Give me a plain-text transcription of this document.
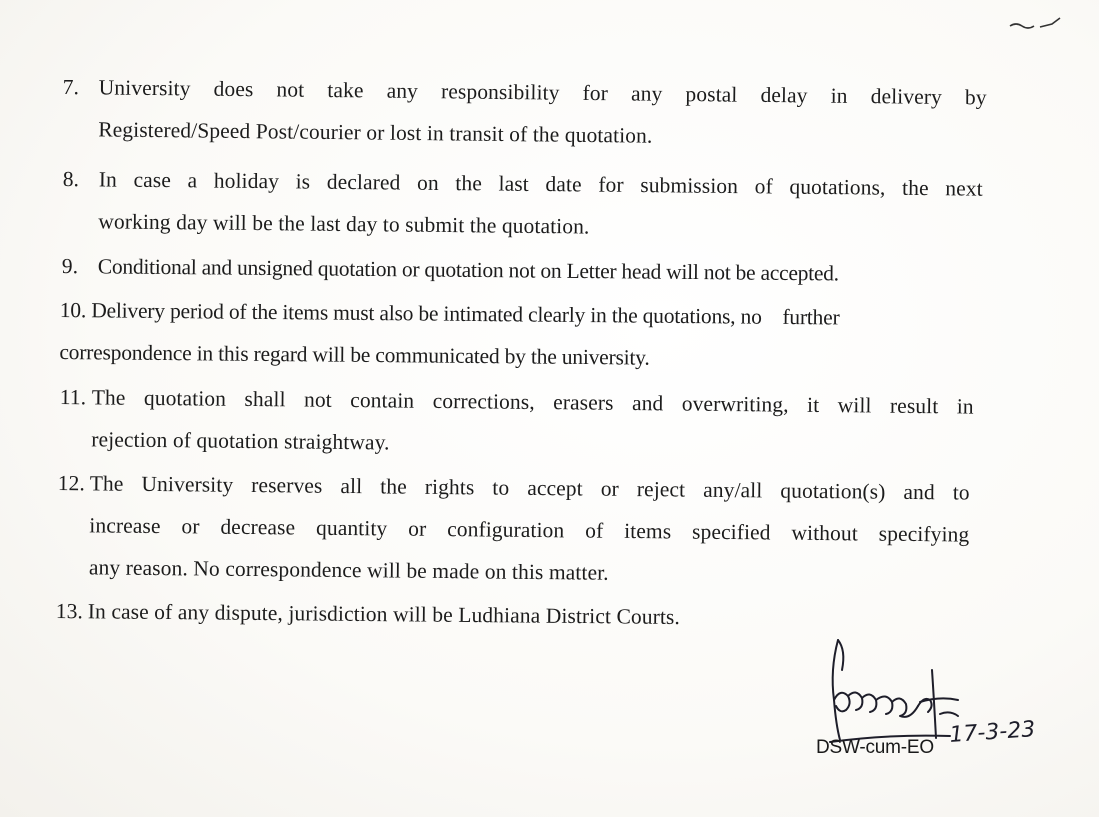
7. University does not take any responsibility for any postal delay in delivery by
Registered/Speed Post/courier or lost in transit of the quotation.
8. In case a holiday is declared on the last date for submission of quotations, the next
working day will be the last day to submit the quotation.
9. Conditional and unsigned quotation or quotation not on Letter head will not be accepted.
10. Delivery period of the items must also be intimated clearly in the quotations, no    further
correspondence in this regard will be communicated by the university.
11. The quotation shall not contain corrections, erasers and overwriting, it will result in
rejection of quotation straightway.
12. The University reserves all the rights to accept or reject any/all quotation(s) and to
increase or decrease quantity or configuration of items specified without specifying
any reason. No correspondence will be made on this matter.
13. In case of any dispute, jurisdiction will be Ludhiana District Courts.
17-3-23
DSW-cum-EO
